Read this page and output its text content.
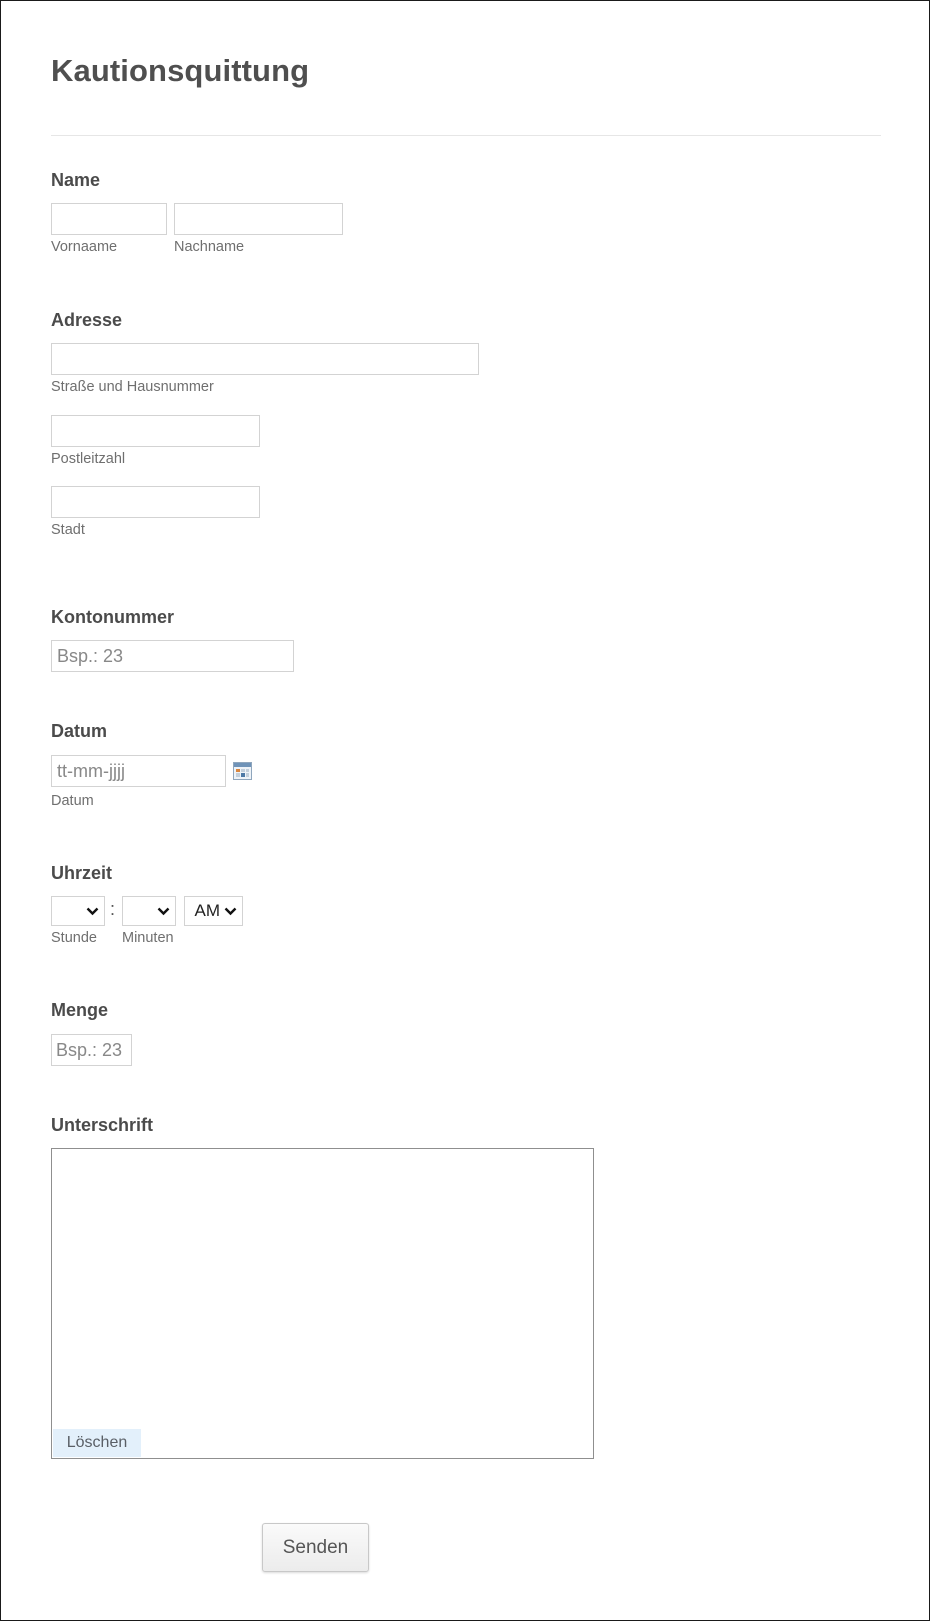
Kautionsquittung
Name
Vornaame	Nachname
Adresse
Straße und Hausnummer
Postleitzahl
Stadt
Kontonummer
Bsp.: 23
Datum
tt-mm-jjjj
Datum
Uhrzeit
:	AM
Stunde Minuten
Menge
Bsp.: 23
Unterschrift
Löschen
Senden
